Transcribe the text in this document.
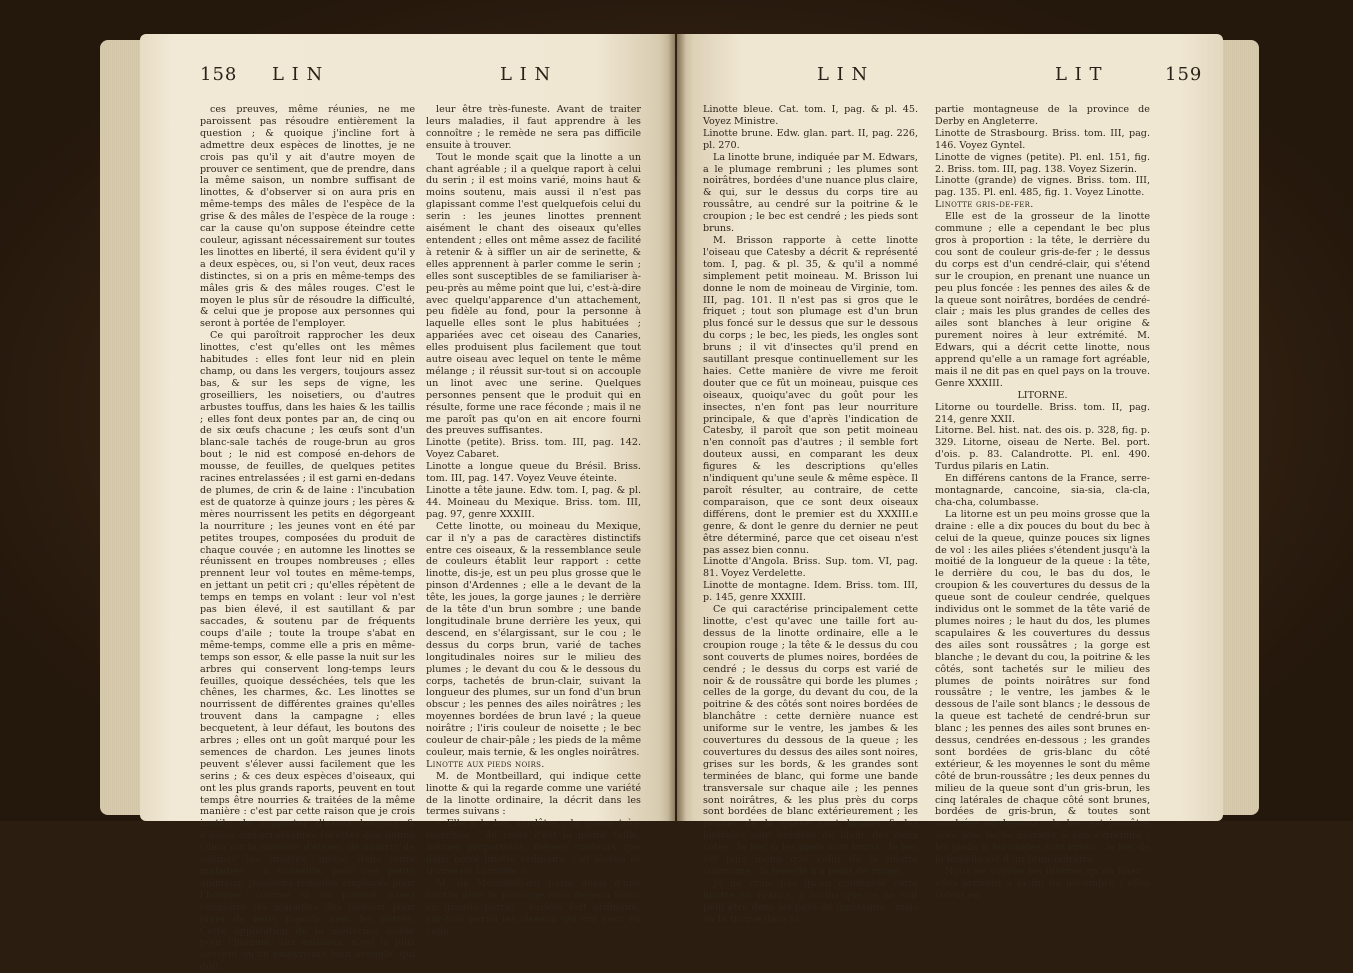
158 L I N	L I N

ces preuves, même réunies, ne me paroissent pas résoudre entièrement la question ; & quoique j'incline fort à admettre deux espèces de linottes, je ne crois pas qu'il y ait d'autre moyen de prouver ce sentiment, que de prendre, dans la même saison, un nombre suffisant de linottes, & d'observer si on aura pris en même-temps des mâles de l'espèce de la grise & des mâles de l'espèce de la rouge : car la cause qu'on suppose éteindre cette couleur, agissant nécessairement sur toutes les linottes en liberté, il sera évident qu'il y a deux espèces, ou, si l'on veut, deux races distinctes, si on a pris en même-temps des mâles gris & des mâles rouges. C'est le moyen le plus sûr de résoudre la difficulté, & celui que je propose aux personnes qui seront à portée de l'employer.

Ce qui paroîtroit rapprocher les deux linottes, c'est qu'elles ont les mêmes habitudes : elles font leur nid en plein champ, ou dans les vergers, toujours assez bas, & sur les seps de vigne, les groseilliers, les noisetiers, ou d'autres arbustes touffus, dans les haies & les taillis ; elles font deux pontes par an, de cinq ou de six œufs chacune ; les œufs sont d'un blanc-sale tachés de rouge-brun au gros bout ; le nid est composé en-dehors de mousse, de feuilles, de quelques petites racines entrelassées ; il est garni en-dedans de plumes, de crin & de laine : l'incubation est de quatorze à quinze jours ; les pères & mères nourrissent les petits en dégorgeant la nourriture ; les jeunes vont en été par petites troupes, composées du produit de chaque couvée ; en automne les linottes se réunissent en troupes nombreuses ; elles prennent leur vol toutes en même-temps, en jettant un petit cri ; qu'elles répètent de temps en temps en volant : leur vol n'est pas bien élevé, il est sautillant & par saccades, & soutenu par de fréquents coups d'aile ; toute la troupe s'abat en même-temps, comme elle a pris en même-temps son essor, & elle passe la nuit sur les arbres qui conservent long-temps leurs feuilles, quoique desséchées, tels que les chênes, les charmes, &c. Les linottes se nourrissent de différentes graines qu'elles trouvent dans la campagne ; elles becquetent, à leur défaut, les boutons des arbres ; elles ont un goût marqué pour les semences de chardon. Les jeunes linots peuvent s'élever aussi facilement que les serins ; & ces deux espèces d'oiseaux, qui ont les plus grands raports, peuvent en tout temps être nourries & traitées de la même manière : c'est par cette raison que je crois inutile de rapporter d'assez longues & d'assez embarrassantes recettes que donne Olina sur la manière d'élever, de nourrir, de soigner les linottes, même dans leurs maladies ; il conseille, pour ces petits animaux, plusieurs remèdes employés pour l'homme, comme si on pouvoit assez connoître les maladies des oiseaux pour juger de leurs raports avec les nôtres. Cette application de la médecine usitée pour l'homme, aux animaux, n'est le plus souvent qu'un empyrisme bien aveugle, qui doit

leur être très-funeste. Avant de traiter leurs maladies, il faut apprendre à les connoître ; le remède ne sera pas difficile ensuite à trouver.

Tout le monde sçait que la linotte a un chant agréable ; il a quelque raport à celui du serin ; il est moins varié, moins haut & moins soutenu, mais aussi il n'est pas glapissant comme l'est quelquefois celui du serin : les jeunes linottes prennent aisément le chant des oiseaux qu'elles entendent ; elles ont même assez de facilité à retenir & à siffler un air de serinette, & elles apprennent à parler comme le serin ; elles sont susceptibles de se familiariser à-peu-près au même point que lui, c'est-à-dire avec quelqu'apparence d'un attachement, peu fidèle au fond, pour la personne à laquelle elles sont le plus habituées ; appariées avec cet oiseau des Canaries, elles produisent plus facilement que tout autre oiseau avec lequel on tente le même mélange ; il réussit sur-tout si on accouple un linot avec une serine. Quelques personnes pensent que le produit qui en résulte, forme une race féconde ; mais il ne me paroît pas qu'on en ait encore fourni des preuves suffisantes.

Linotte (petite). Briss. tom. III, pag. 142. Voyez Cabaret.

Linotte a longue queue du Brésil. Briss. tom. III, pag. 147. Voyez Veuve éteinte.

Linotte a tête jaune. Edw. tom. I, pag. & pl. 44. Moineau du Mexique. Briss. tom. III, pag. 97, genre XXXIII.

Cette linotte, ou moineau du Mexique, car il n'y a pas de caractères distinctifs entre ces oiseaux, & la ressemblance seule de couleurs établit leur rapport : cette linotte, dis-je, est un peu plus grosse que le pinson d'Ardennes ; elle a le devant de la tête, les joues, la gorge jaunes ; le derrière de la tête d'un brun sombre ; une bande longitudinale brune derrière les yeux, qui descend, en s'élargissant, sur le cou ; le dessus du corps brun, varié de taches longitudinales noires sur le milieu des plumes ; le devant du cou & le dessous du corps, tachetés de brun-clair, suivant la longueur des plumes, sur un fond d'un brun obscur ; les pennes des ailes noirâtres ; les moyennes bordées de brun lavé ; la queue noirâtre ; l'iris couleur de noisette ; le bec couleur de chair-pâle ; les pieds de la même couleur, mais ternie, & les ongles noirâtres.

Linotte aux pieds noirs.

M. de Montbeillard, qui indique cette linotte & qui la regarde comme une variété de la linotte ordinaire, la décrit dans les termes suivans :

« Elle a le bec verdâtre ; la queue très-fourchue ; du reste c'est la même taille, mêmes proportions, mêmes couleurs que dans notre linotte ordinaire. Cet oiseau se trouve en Lorraine ».

M. de Montbeillard parle aussi d'une linotte dont le plumage étoit devenu blanc en grande partie ; variété fort ordinaire, sur-tout parmi les oiseaux qui ont vécu en cage.

L I N	L I T	159

Linotte bleue. Cat. tom. I, pag. & pl. 45. Voyez Ministre.

Linotte brune. Edw. glan. part. II, pag. 226, pl. 270.

La linotte brune, indiquée par M. Edwars, a le plumage rembruni ; les plumes sont noirâtres, bordées d'une nuance plus claire, & qui, sur le dessus du corps tire au roussâtre, au cendré sur la poitrine & le croupion ; le bec est cendré ; les pieds sont bruns.

M. Brisson rapporte à cette linotte l'oiseau que Catesby a décrit & représenté tom. I, pag. & pl. 35, & qu'il a nommé simplement petit moineau. M. Brisson lui donne le nom de moineau de Virginie, tom. III, pag. 101. Il n'est pas si gros que le friquet ; tout son plumage est d'un brun plus foncé sur le dessus que sur le dessous du corps ; le bec, les pieds, les ongles sont bruns ; il vit d'insectes qu'il prend en sautillant presque continuellement sur les haies. Cette manière de vivre me feroit douter que ce fût un moineau, puisque ces oiseaux, quoiqu'avec du goût pour les insectes, n'en font pas leur nourriture principale, & que d'après l'indication de Catesby, il paroît que son petit moineau n'en connoît pas d'autres ; il semble fort douteux aussi, en comparant les deux figures & les descriptions qu'elles n'indiquent qu'une seule & même espèce. Il paroît résulter, au contraire, de cette comparaison, que ce sont deux oiseaux différens, dont le premier est du XXXIII.e genre, & dont le genre du dernier ne peut être déterminé, parce que cet oiseau n'est pas assez bien connu.

Linotte d'Angola. Briss. Sup. tom. VI, pag. 81. Voyez Verdelette.

Linotte de montagne. Idem. Briss. tom. III, p. 145, genre XXXIII.

Ce qui caractérise principalement cette linotte, c'est qu'avec une taille fort au-dessus de la linotte ordinaire, elle a le croupion rouge ; la tête & le dessus du cou sont couverts de plumes noires, bordées de cendré ; le dessus du corps est varié de noir & de roussâtre qui borde les plumes ; celles de la gorge, du devant du cou, de la poitrine & des côtés sont noires bordées de blanchâtre : cette dernière nuance est uniforme sur le ventre, les jambes & les couvertures du dessous de la queue ; les couvertures du dessus des ailes sont noires, grises sur les bords, & les grandes sont terminées de blanc, qui forme une bande transversale sur chaque aile ; les pennes sont noirâtres, & les plus près du corps sont bordées de blanc extérieurement ; les pennes de la queue sont brunes & les latérales sont bordées de blanc des deux côtés ; le bec & les pieds sont bruns ; le bec est plus menu que celui de la linotte commune : la femelle n'a point de rouge.

Je ne crois pas qu'on connoisse cette linotte en France, à moins que ce ne soit peut-être dans les pays de montagne ; mais on la trouve dans la

partie montagneuse de la province de Derby en Angleterre.

Linotte de Strasbourg. Briss. tom. III, pag. 146. Voyez Gyntel.

Linotte de vignes (petite). Pl. enl. 151, fig. 2. Briss. tom. III, pag. 138. Voyez Sizerin.

Linotte (grande) de vignes. Briss. tom. III, pag. 135. Pl. enl. 485, fig. 1. Voyez Linotte.

Linotte gris-de-fer.

Elle est de la grosseur de la linotte commune ; elle a cependant le bec plus gros à proportion : la tête, le derrière du cou sont de couleur gris-de-fer ; le dessus du corps est d'un cendré-clair, qui s'étend sur le croupion, en prenant une nuance un peu plus foncée : les pennes des ailes & de la queue sont noirâtres, bordées de cendré-clair ; mais les plus grandes de celles des ailes sont blanches à leur origine & purement noires à leur extrémité. M. Edwars, qui a décrit cette linotte, nous apprend qu'elle a un ramage fort agréable, mais il ne dit pas en quel pays on la trouve. Genre XXXIII.

LITORNE.

Litorne ou tourdelle. Briss. tom. II, pag. 214, genre XXII.

Litorne. Bel. hist. nat. des ois. p. 328, fig. p. 329. Litorne, oiseau de Nerte. Bel. port. d'ois. p. 83. Calandrotte. Pl. enl. 490. Turdus pilaris en Latin.

En différens cantons de la France, serre-montagnarde, cancoine, sia-sia, cla-cla, cha-cha, columbasse.

La litorne est un peu moins grosse que la draine : elle a dix pouces du bout du bec à celui de la queue, quinze pouces six lignes de vol : les ailes pliées s'étendent jusqu'à la moitié de la longueur de la queue : la tête, le derrière du cou, le bas du dos, le croupion & les couvertures du dessus de la queue sont de couleur cendrée, quelques individus ont le sommet de la tête varié de plumes noires ; le haut du dos, les plumes scapulaires & les couvertures du dessus des ailes sont roussâtres ; la gorge est blanche ; le devant du cou, la poitrine & les côtés, sont tachetés sur le milieu des plumes de points noirâtres sur fond roussâtre ; le ventre, les jambes & le dessous de l'aile sont blancs ; le dessous de la queue est tacheté de cendré-brun sur blanc ; les pennes des ailes sont brunes en-dessus, cendrées en-dessous ; les grandes sont bordées de gris-blanc du côté extérieur, & les moyennes le sont du même côté de brun-roussâtre ; les deux pennes du milieu de la queue sont d'un gris-brun, les cinq latérales de chaque côté sont brunes, bordées de gris-brun, & toutes sont cendrées en-dessous ; le bec est jaunâtre avec une tache noirâtre à son extrémité ; les pieds & les ongles sont bruns : le bec de la femelle est d'un brun-noirâtre.

Nous ne voyons les litornes qu'en hiver ; elles arrivent à la fin de novembre ; elles volent en
